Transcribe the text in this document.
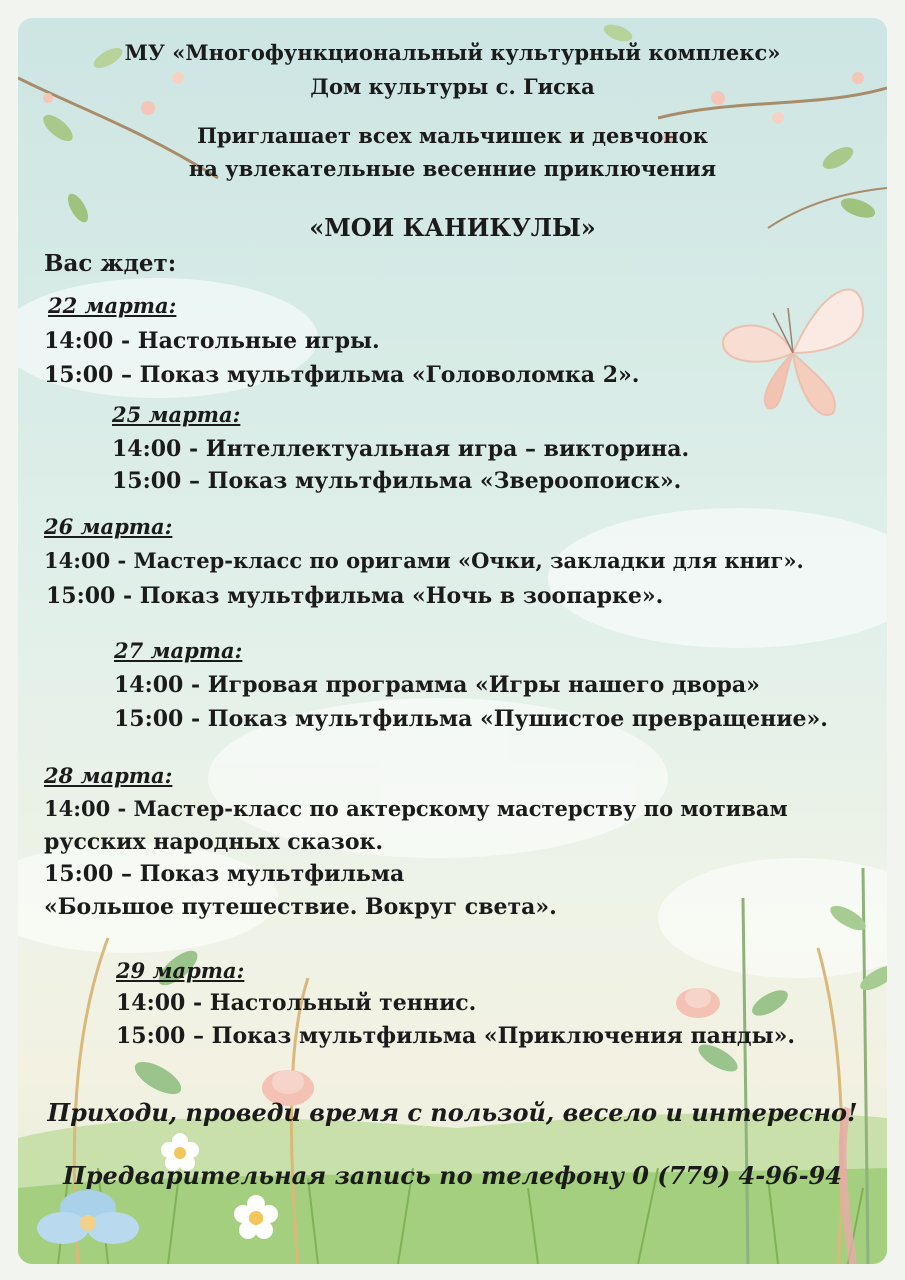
МУ «Многофункциональный культурный комплекс»

Дом культуры с. Гиска

Приглашает всех мальчишек и девчонок

на увлекательные весенние приключения

«МОИ КАНИКУЛЫ»

Вас ждет:

22 марта:

14:00 - Настольные игры.

15:00 – Показ мультфильма «Головоломка 2».

25 марта:

14:00 - Интеллектуальная игра – викторина.

15:00 – Показ мультфильма «Звероопоиск».

26 марта:

14:00 - Мастер-класс по оригами «Очки, закладки для книг».

15:00 - Показ мультфильма «Ночь в зоопарке».

27 марта:

14:00 - Игровая программа «Игры нашего двора»

15:00 - Показ мультфильма «Пушистое превращение».

28 марта:

14:00 - Мастер-класс по актерскому мастерству по мотивам

русских народных сказок.

15:00 – Показ мультфильма

«Большое путешествие. Вокруг света».

29 марта:

14:00 - Настольный теннис.

15:00 – Показ мультфильма «Приключения панды».

Приходи, проведи время с пользой, весело и интересно!

Предварительная запись по телефону 0 (779) 4-96-94
